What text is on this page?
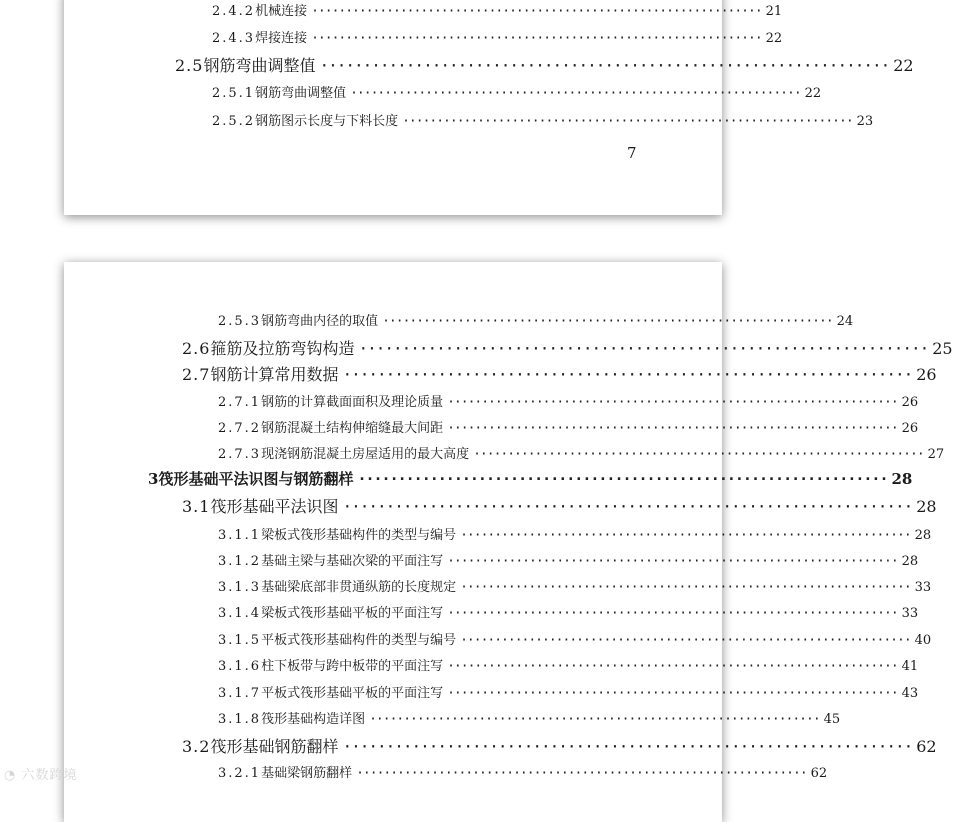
2.4.2 机械连接 ·································································· 21
2.4.3 焊接连接 ·································································· 22
2.5 钢筋弯曲调整值 ·································································· 22
2.5.1 钢筋弯曲调整值 ·································································· 22
2.5.2 钢筋图示长度与下料长度 ·································································· 23
7
2.5.3 钢筋弯曲内径的取值 ·································································· 24
2.6 箍筋及拉筋弯钩构造 ·································································· 25
2.7 钢筋计算常用数据 ·································································· 26
2.7.1 钢筋的计算截面面积及理论质量 ·································································· 26
2.7.2 钢筋混凝土结构伸缩缝最大间距 ·································································· 26
2.7.3 现浇钢筋混凝土房屋适用的最大高度 ·································································· 27
3 筏形基础平法识图与钢筋翻样 ·································································· 28
3.1 筏形基础平法识图 ·································································· 28
3.1.1 梁板式筏形基础构件的类型与编号 ·································································· 28
3.1.2 基础主梁与基础次梁的平面注写 ·································································· 28
3.1.3 基础梁底部非贯通纵筋的长度规定 ·································································· 33
3.1.4 梁板式筏形基础平板的平面注写 ·································································· 33
3.1.5 平板式筏形基础构件的类型与编号 ·································································· 40
3.1.6 柱下板带与跨中板带的平面注写 ·································································· 41
3.1.7 平板式筏形基础平板的平面注写 ·································································· 43
3.1.8 筏形基础构造详图 ·································································· 45
3.2 筏形基础钢筋翻样 ·································································· 62
3.2.1 基础梁钢筋翻样 ·································································· 62
◔ 六数跨境
